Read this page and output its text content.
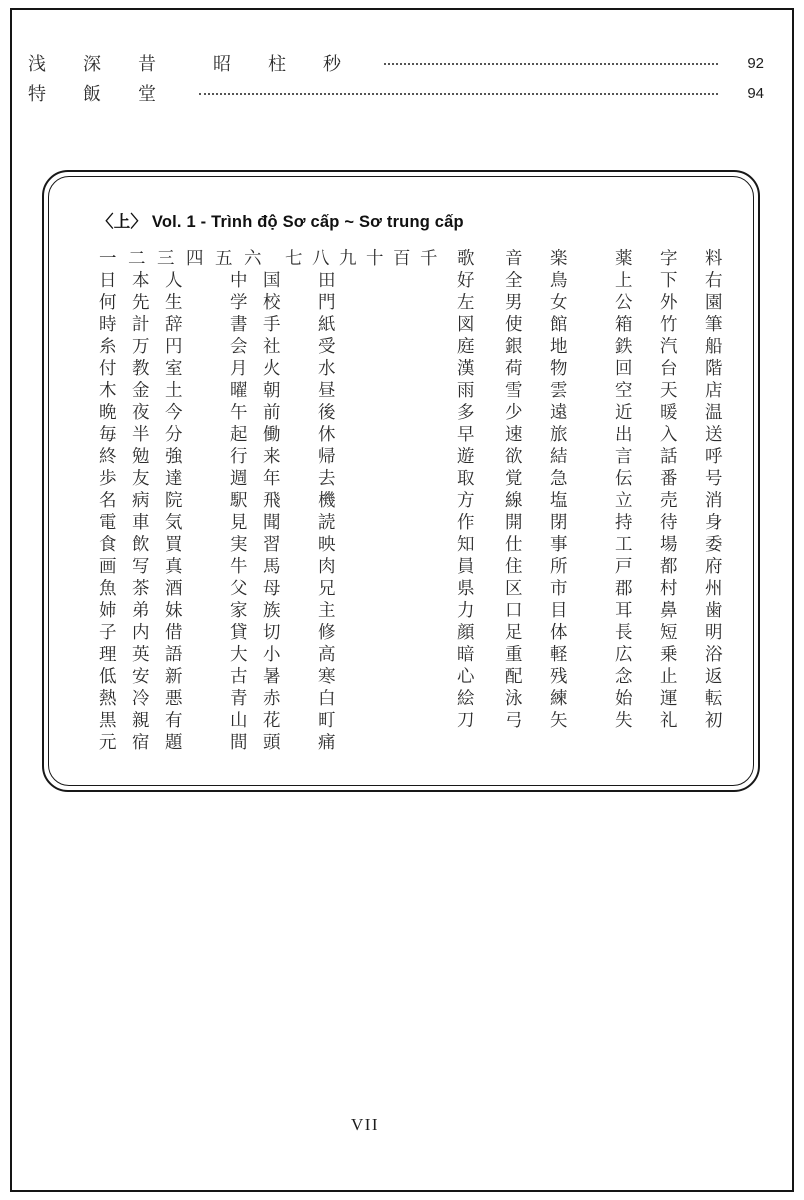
浅	深	昔	昭	柱	秒	92
特	飯	堂	94
〈上〉 Vol. 1 - Trình độ Sơ cấp ~ Sơ trung cấp
一 二 三 四 五 六 七 八 九 十 百 千 歌 音 楽	薬 字 料
日 本 人	中 国 田	好 全 鳥	上 下 右
何 先 生	学 校 門	左 男 女	公 外 園
時 計 辞	書 手 紙	図 使 館	箱 竹 筆
糸 万 円	会 社 受	庭 銀 地	鉄 汽 船
付 教 室	月 火 水	漢 荷 物	回 台 階
木 金 土	曜 朝 昼	雨 雪 雲	空 天 店
晩 夜 今	午 前 後	多 少 遠	近 暖 温
毎 半 分	起 働 休	早 速 旅	出 入 送
終 勉 強	行 来 帰	遊 欲 結	言 話 呼
歩 友 達	週 年 去	取 覚 急	伝 番 号
名 病 院	駅 飛 機	方 線 塩	立 売 消
電 車 気	見 聞 読	作 開 閉	持 待 身
食 飲 買	実 習 映	知 仕 事	工 場 委
画 写 真	牛 馬 肉	員 住 所	戸 都 府
魚 茶 酒	父 母 兄	県 区 市	郡 村 州
姉 弟 妹	家 族 主	力 口 目	耳 鼻 歯
子 内 借	貸 切 修	顔 足 体	長 短 明
理 英 語	大 小 高	暗 重 軽	広 乗 浴
低 安 新	古 暑 寒	心 配 残	念 止 返
熱 冷 悪	青 赤 白	絵 泳 練	始 運 転
黒 親 有	山 花 町	刀 弓 矢	失 礼 初
元 宿 題	間 頭 痛
VII
